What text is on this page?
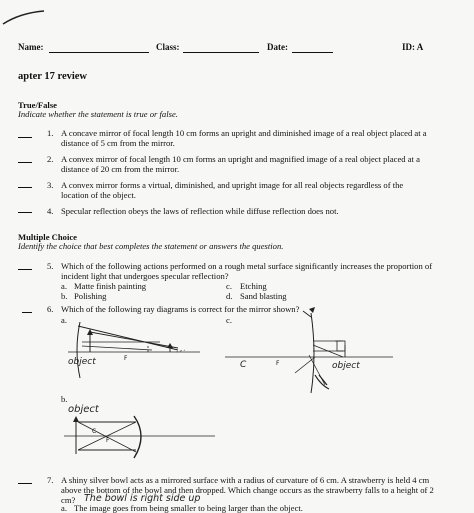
Name:	Class:	Date:	ID: A
apter 17 review
True/False
Indicate whether the statement is true or false.
1. A concave mirror of focal length 10 cm forms an upright and diminished image of a real object placed at a distance of 5 cm from the mirror.
2. A convex mirror of focal length 10 cm forms an upright and magnified image of a real object placed at a distance of 20 cm from the mirror.
3. A convex mirror forms a virtual, diminished, and upright image for all real objects regardless of the location of the object.
4. Specular reflection obeys the laws of reflection while diffuse reflection does not.
Multiple Choice
Identify the choice that best completes the statement or answers the question.
5. Which of the following actions performed on a rough metal surface significantly increases the proportion of incident light that undergoes specular reflection?
a. Matte finish painting
b. Polishing
c. Etching
d. Sand blasting
6. Which of the following ray diagrams is correct for the mirror shown?
a.
object	F
c.
C	F	object
b.
object
C
F
7. A shiny silver bowl acts as a mirrored surface with a radius of curvature of 6 cm. A strawberry is held 4 cm above the bottom of the bowl and then dropped. Which change occurs as the strawberry falls to a height of 2 cm? The bowl is right side up
a. The image goes from being smaller to being larger than the object.
